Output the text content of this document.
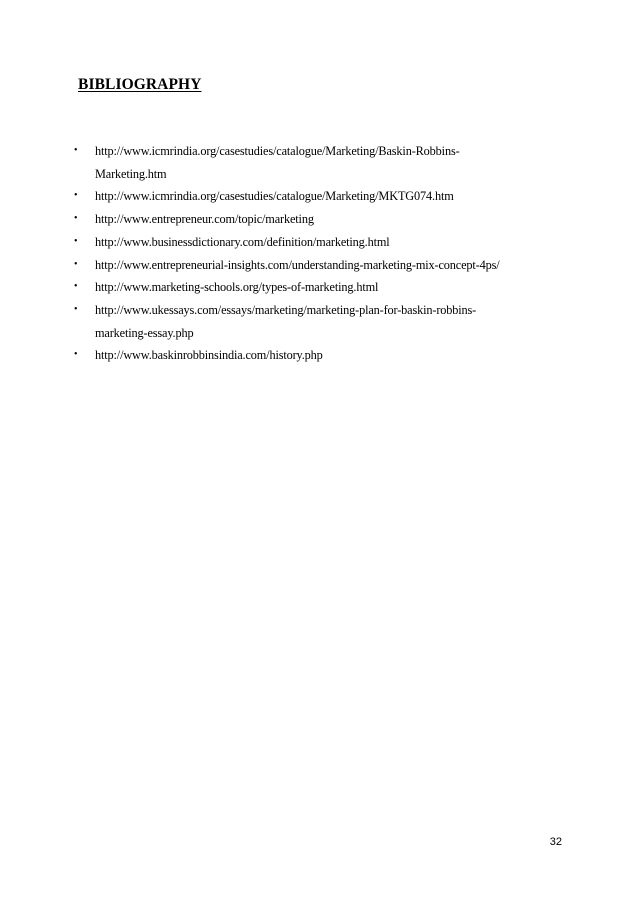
BIBLIOGRAPHY
• http://www.icmrindia.org/casestudies/catalogue/Marketing/Baskin-Robbins-
Marketing.htm
• http://www.icmrindia.org/casestudies/catalogue/Marketing/MKTG074.htm
• http://www.entrepreneur.com/topic/marketing
• http://www.businessdictionary.com/definition/marketing.html
• http://www.entrepreneurial-insights.com/understanding-marketing-mix-concept-4ps/
• http://www.marketing-schools.org/types-of-marketing.html
• http://www.ukessays.com/essays/marketing/marketing-plan-for-baskin-robbins-
marketing-essay.php
• http://www.baskinrobbinsindia.com/history.php
32
